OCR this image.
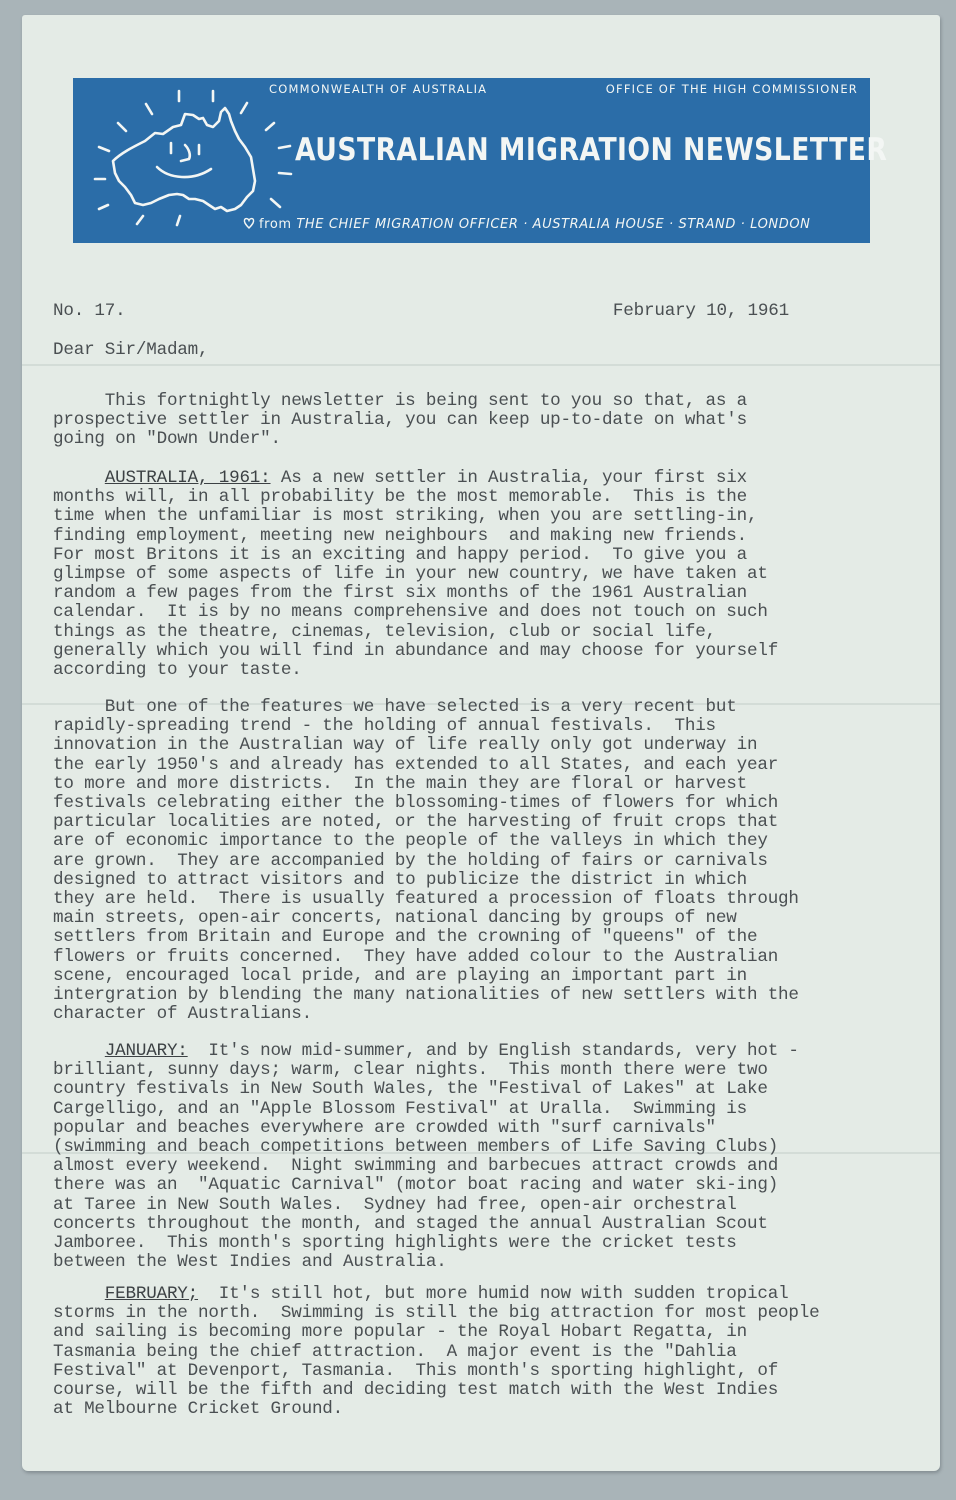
COMMONWEALTH OF AUSTRALIA	OFFICE OF THE HIGH COMMISSIONER
AUSTRALIAN MIGRATION NEWSLETTER
from THE CHIEF MIGRATION OFFICER · AUSTRALIA HOUSE · STRAND · LONDON
No. 17.	February 10, 1961
Dear Sir/Madam,
This fortnightly newsletter is being sent to you so that, as a
prospective settler in Australia, you can keep up-to-date on what's
going on "Down Under".
AUSTRALIA, 1961: As a new settler in Australia, your first six
months will, in all probability be the most memorable.  This is the
time when the unfamiliar is most striking, when you are settling-in,
finding employment, meeting new neighbours  and making new friends.
For most Britons it is an exciting and happy period.  To give you a
glimpse of some aspects of life in your new country, we have taken at
random a few pages from the first six months of the 1961 Australian
calendar.  It is by no means comprehensive and does not touch on such
things as the theatre, cinemas, television, club or social life,
generally which you will find in abundance and may choose for yourself
according to your taste.
But one of the features we have selected is a very recent but
rapidly-spreading trend - the holding of annual festivals.  This
innovation in the Australian way of life really only got underway in
the early 1950's and already has extended to all States, and each year
to more and more districts.  In the main they are floral or harvest
festivals celebrating either the blossoming-times of flowers for which
particular localities are noted, or the harvesting of fruit crops that
are of economic importance to the people of the valleys in which they
are grown.  They are accompanied by the holding of fairs or carnivals
designed to attract visitors and to publicize the district in which
they are held.  There is usually featured a procession of floats through
main streets, open-air concerts, national dancing by groups of new
settlers from Britain and Europe and the crowning of "queens" of the
flowers or fruits concerned.  They have added colour to the Australian
scene, encouraged local pride, and are playing an important part in
intergration by blending the many nationalities of new settlers with the
character of Australians.
JANUARY:  It's now mid-summer, and by English standards, very hot -
brilliant, sunny days; warm, clear nights.  This month there were two
country festivals in New South Wales, the "Festival of Lakes" at Lake
Cargelligo, and an "Apple Blossom Festival" at Uralla.  Swimming is
popular and beaches everywhere are crowded with "surf carnivals"
(swimming and beach competitions between members of Life Saving Clubs)
almost every weekend.  Night swimming and barbecues attract crowds and
there was an  "Aquatic Carnival" (motor boat racing and water ski-ing)
at Taree in New South Wales.  Sydney had free, open-air orchestral
concerts throughout the month, and staged the annual Australian Scout
Jamboree.  This month's sporting highlights were the cricket tests
between the West Indies and Australia.
FEBRUARY;  It's still hot, but more humid now with sudden tropical
storms in the north.  Swimming is still the big attraction for most people
and sailing is becoming more popular - the Royal Hobart Regatta, in
Tasmania being the chief attraction.  A major event is the "Dahlia
Festival" at Devenport, Tasmania.  This month's sporting highlight, of
course, will be the fifth and deciding test match with the West Indies
at Melbourne Cricket Ground.
